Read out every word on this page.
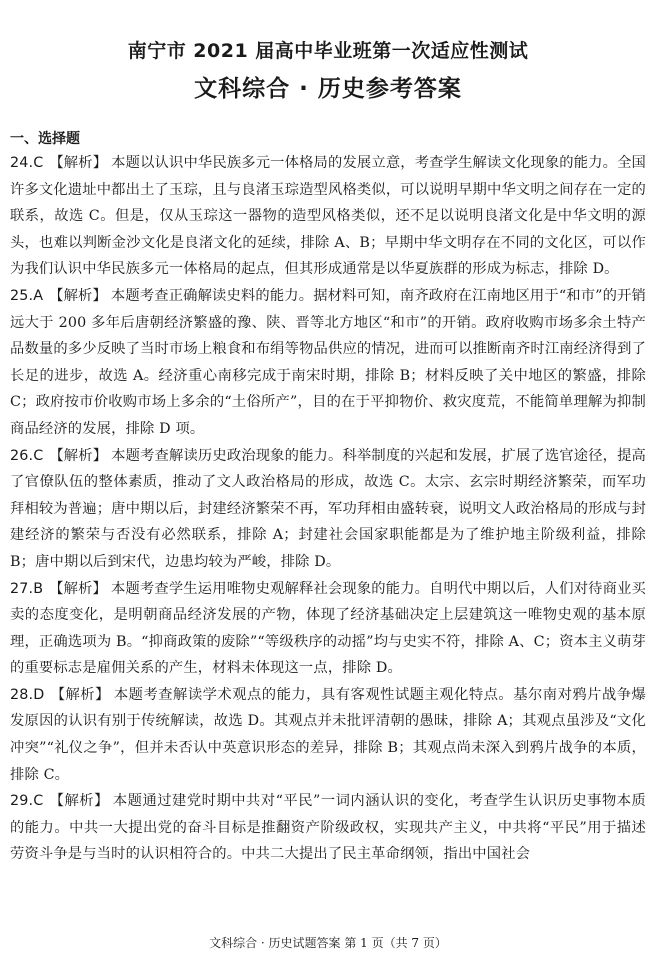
南宁市 2021 届高中毕业班第一次适应性测试
文科综合 · 历史参考答案
一、选择题

24.C 【解析】 本题以认识中华民族多元一体格局的发展立意，考查学生解读文化现象的能力。全国许多文化遗址中都出土了玉琮，且与良渚玉琮造型风格类似，可以说明早期中华文明之间存在一定的联系，故选 C。但是，仅从玉琮这一器物的造型风格类似，还不足以说明良渚文化是中华文明的源头，也难以判断金沙文化是良渚文化的延续，排除 A、B；早期中华文明存在不同的文化区，可以作为我们认识中华民族多元一体格局的起点，但其形成通常是以华夏族群的形成为标志，排除 D。

25.A 【解析】 本题考查正确解读史料的能力。据材料可知，南齐政府在江南地区用于“和市”的开销远大于 200 多年后唐朝经济繁盛的豫、陕、晋等北方地区“和市”的开销。政府收购市场多余土特产品数量的多少反映了当时市场上粮食和布绢等物品供应的情况，进而可以推断南齐时江南经济得到了长足的进步，故选 A。经济重心南移完成于南宋时期，排除 B；材料反映了关中地区的繁盛，排除 C；政府按市价收购市场上多余的“土俗所产”，目的在于平抑物价、救灾度荒，不能简单理解为抑制商品经济的发展，排除 D 项。

26.C 【解析】 本题考查解读历史政治现象的能力。科举制度的兴起和发展，扩展了选官途径，提高了官僚队伍的整体素质，推动了文人政治格局的形成，故选 C。太宗、玄宗时期经济繁荣，而军功拜相较为普遍；唐中期以后，封建经济繁荣不再，军功拜相由盛转衰，说明文人政治格局的形成与封建经济的繁荣与否没有必然联系，排除 A；封建社会国家职能都是为了维护地主阶级利益，排除 B；唐中期以后到宋代，边患均较为严峻，排除 D。

27.B 【解析】 本题考查学生运用唯物史观解释社会现象的能力。自明代中期以后，人们对待商业买卖的态度变化，是明朝商品经济发展的产物，体现了经济基础决定上层建筑这一唯物史观的基本原理，正确选项为 B。“抑商政策的废除”“等级秩序的动摇”均与史实不符，排除 A、C；资本主义萌芽的重要标志是雇佣关系的产生，材料未体现这一点，排除 D。

28.D 【解析】 本题考查解读学术观点的能力，具有客观性试题主观化特点。基尔南对鸦片战争爆发原因的认识有别于传统解读，故选 D。其观点并未批评清朝的愚昧，排除 A；其观点虽涉及“文化冲突”“礼仪之争”，但并未否认中英意识形态的差异，排除 B；其观点尚未深入到鸦片战争的本质，排除 C。

29.C 【解析】 本题通过建党时期中共对“平民”一词内涵认识的变化，考查学生认识历史事物本质的能力。中共一大提出党的奋斗目标是推翻资产阶级政权，实现共产主义，中共将“平民”用于描述劳资斗争是与当时的认识相符合的。中共二大提出了民主革命纲领，指出中国社会

文科综合 · 历史试题答案 第 1 页（共 7 页）
